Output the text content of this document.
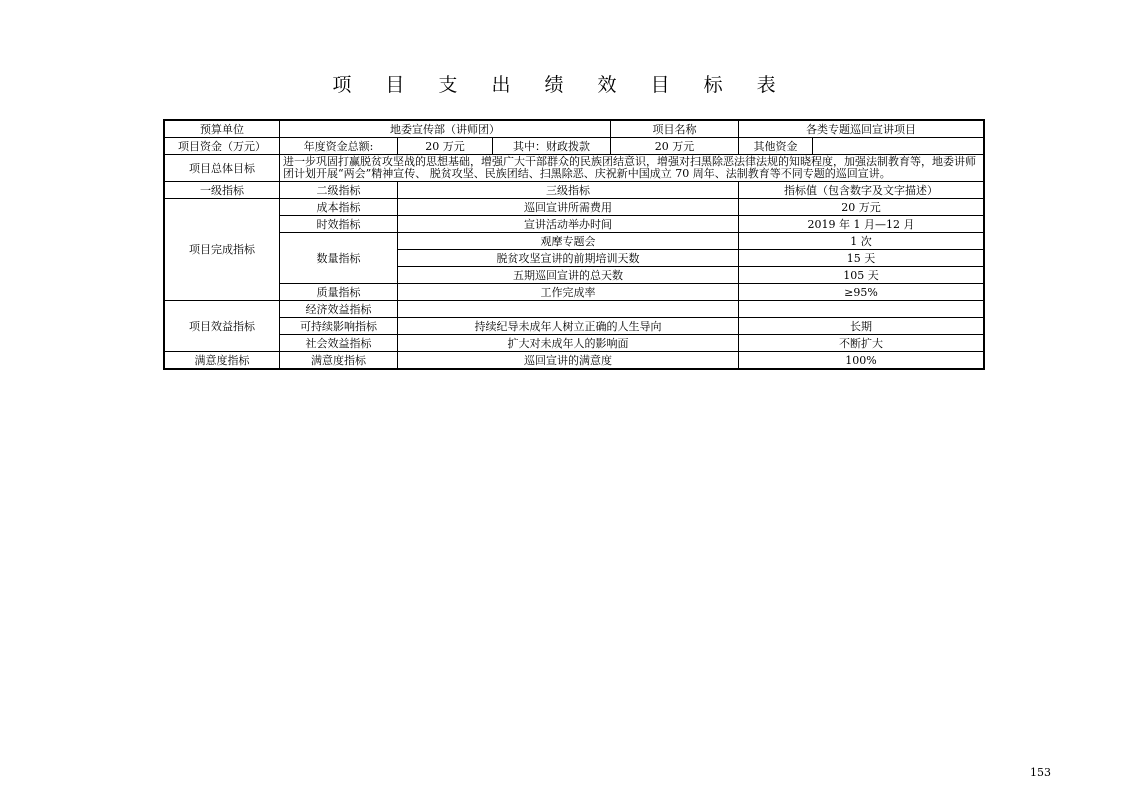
项 目 支 出 绩 效 目 标 表
预算单位	地委宣传部（讲师团）			项目名称	各类专题巡回宣讲项目	
项目资金（万元）	年度资金总额:	20 万元	其中：财政拨款	20 万元	其他资金	
项目总体目标	进一步巩固打赢脱贫攻坚战的思想基础，增强广大干部群众的民族团结意识，增强对扫黑除恶法律法规的知晓程度，加强法制教育等，地委讲师团计划开展“两会”精神宣传、 脱贫攻坚、民族团结、扫黑除恶、庆祝新中国成立 70 周年、法制教育等不同专题的巡回宣讲。					
一级指标	二级指标	三级指标			指标值（包含数字及文字描述）	
项目完成指标	成本指标	巡回宣讲所需费用			20 万元	
	时效指标	宣讲活动举办时间			2019 年 1 月—12 月	
	数量指标	观摩专题会			1 次	
		脱贫攻坚宣讲的前期培训天数			15 天	
		五期巡回宣讲的总天数			105 天	
	质量指标	工作完成率			≥95%	
项目效益指标	经济效益指标					
	可持续影响指标	持续纪导未成年人树立正确的人生导向			长期	
	社会效益指标	扩大对未成年人的影响面			不断扩大	
满意度指标	满意度指标	巡回宣讲的满意度			100%	
153
